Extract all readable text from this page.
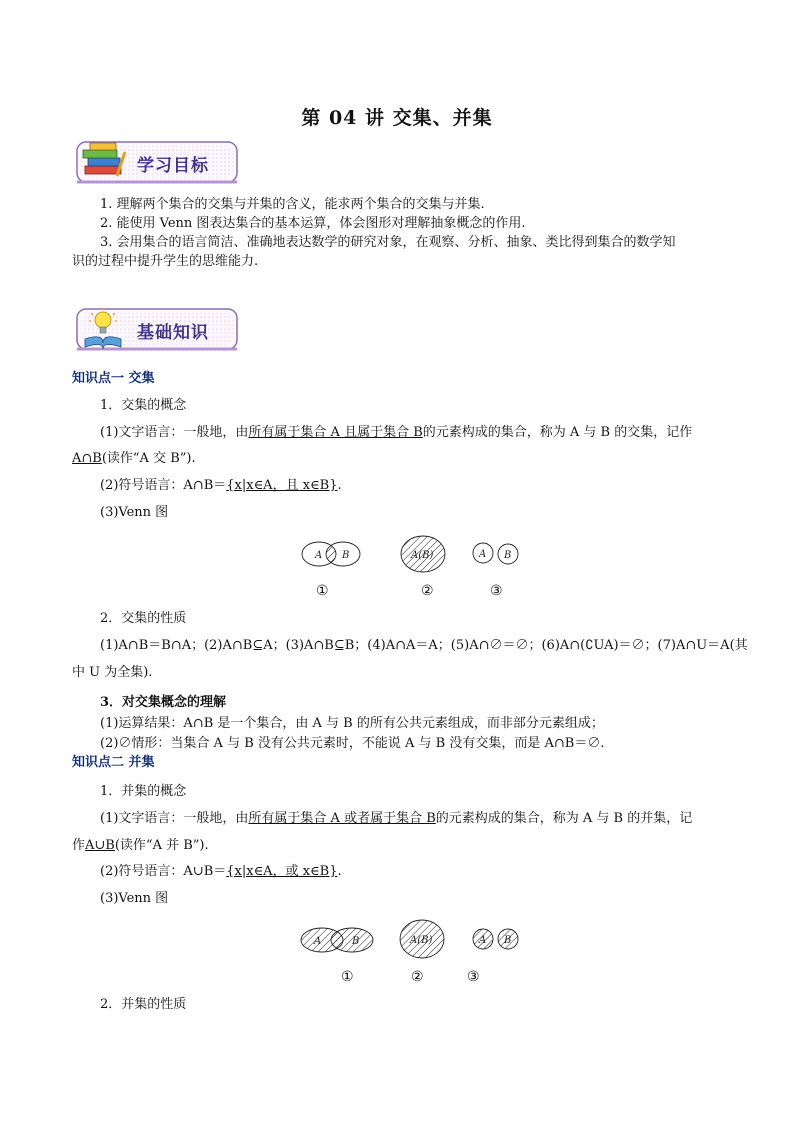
第 04 讲 交集、并集
学习目标
1. 理解两个集合的交集与并集的含义，能求两个集合的交集与并集.
2. 能使用 Venn 图表达集合的基本运算，体会图形对理解抽象概念的作用.
3. 会用集合的语言简洁、准确地表达数学的研究对象，在观察、分析、抽象、类比得到集合的数学知
识的过程中提升学生的思维能力.
基础知识
知识点一 交集
1．交集的概念
(1)文字语言：一般地，由所有属于集合 A 且属于集合 B的元素构成的集合，称为 A 与 B 的交集，记作
A∩B(读作“A 交 B”).
(2)符号语言：A∩B＝{x|x∈A，且 x∈B}.
(3)Venn 图
A B	A(B)	A B
①	②	③
2．交集的性质
(1)A∩B＝B∩A；(2)A∩B⊆A；(3)A∩B⊆B；(4)A∩A＝A；(5)A∩∅＝∅；(6)A∩(∁UA)＝∅；(7)A∩U＝A(其
中 U 为全集).
3．对交集概念的理解
(1)运算结果：A∩B 是一个集合，由 A 与 B 的所有公共元素组成，而非部分元素组成；
(2)∅情形：当集合 A 与 B 没有公共元素时，不能说 A 与 B 没有交集，而是 A∩B＝∅.
知识点二 并集
1．并集的概念
(1)文字语言：一般地，由所有属于集合 A 或者属于集合 B的元素构成的集合，称为 A 与 B 的并集，记
作A∪B(读作“A 并 B”).
(2)符号语言：A∪B＝{x|x∈A，或 x∈B}.
(3)Venn 图
A	B	A(B)	A B
①	②	③
2．并集的性质
